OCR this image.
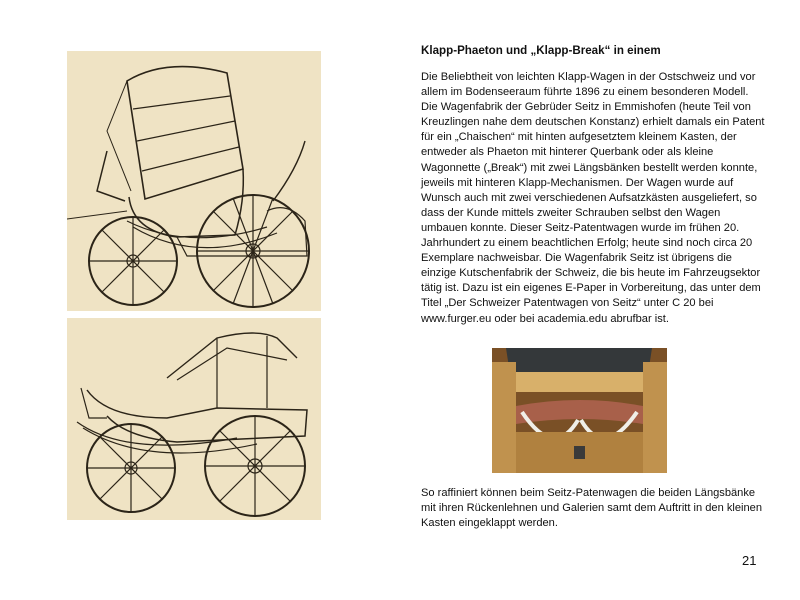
Klapp-Phaeton und „Klapp-Break“ in einem

Die Beliebtheit von leichten Klapp-Wagen in der Ostschweiz und vor allem im Bodenseeraum führte 1896 zu einem besonderen Modell. Die Wagenfabrik der Gebrüder Seitz in Emmishofen (heute Teil von Kreuzlingen nahe dem deutschen Konstanz) erhielt damals ein Patent für ein „Chaischen“ mit hinten aufgesetztem kleinem Kasten, der entweder als Phaeton mit hinterer Querbank oder als kleine Wagonnette („Break“) mit zwei Längsbänken bestellt werden konnte, jeweils mit hinteren Klapp-Mechanismen. Der Wagen wurde auf Wunsch auch mit zwei verschiedenen Aufsatzkästen ausgeliefert, so dass der Kunde mittels zweiter Schrauben selbst den Wagen umbauen konnte. Dieser Seitz-Patentwagen wurde im frühen 20. Jahrhundert zu einem beachtlichen Erfolg; heute sind noch circa 20 Exemplare nachweisbar. Die Wagenfabrik Seitz ist übrigens die einzige Kutschenfabrik der Schweiz, die bis heute im Fahrzeugsektor tätig ist. Dazu ist ein eigenes E-Paper in Vorbereitung, das unter dem Titel „Der Schweizer Patentwagen von Seitz“ unter C 20 bei www.furger.eu oder bei academia.edu abrufbar ist.

So raffiniert können beim Seitz-Patenwagen die beiden Längsbänke mit ihren Rückenlehnen und Galerien samt dem Auftritt in den kleinen Kasten eingeklappt werden.

21
